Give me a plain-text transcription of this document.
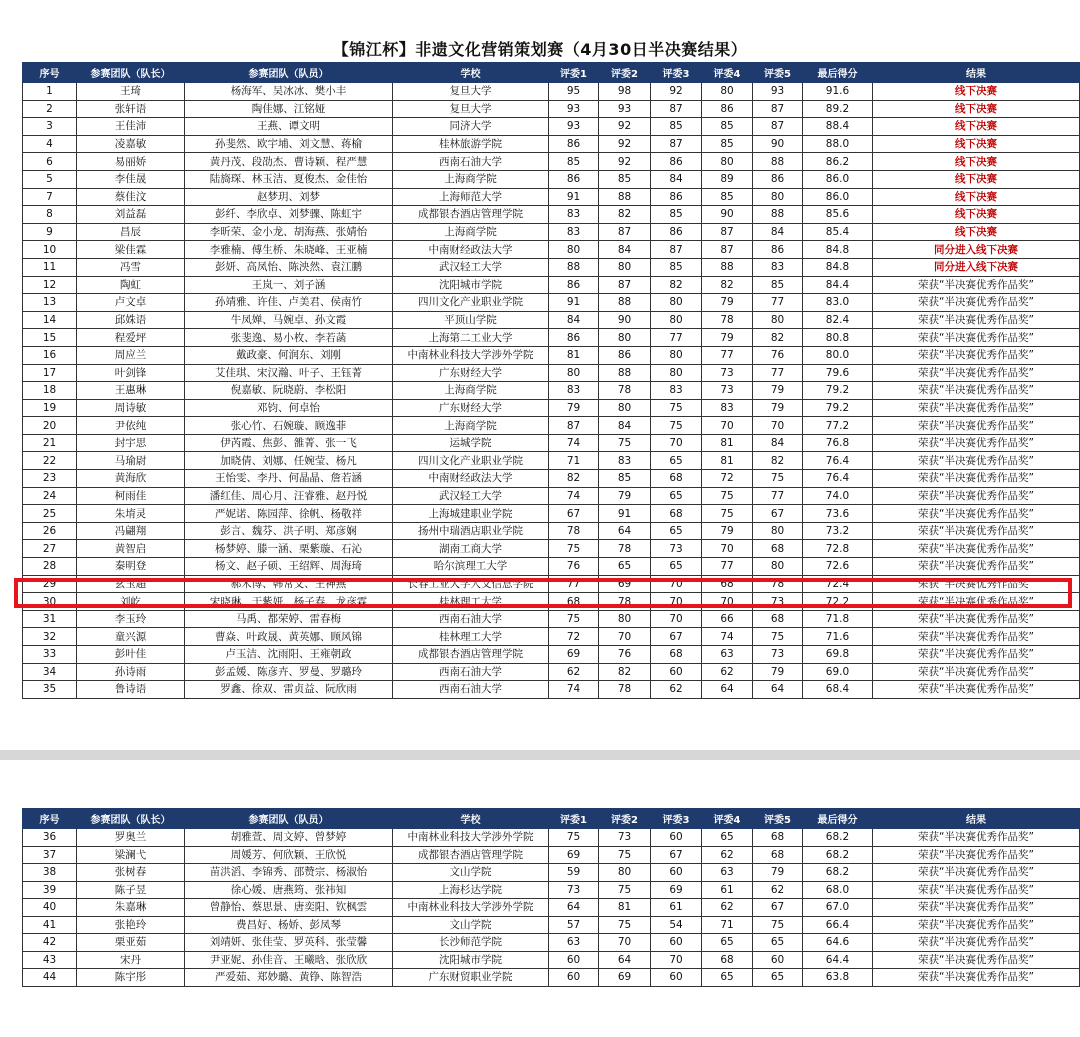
【锦江杯】非遗文化营销策划赛（4月30日半决赛结果）
序号	参赛团队（队长）	参赛团队（队员）	学校	评委1	评委2	评委3	评委4	评委5	最后得分	结果
1	王琦	杨海军、吴冰冰、樊小丰	复旦大学	95	98	92	80	93	91.6	线下决赛
2	张轩语	陶佳娜、江铭娅	复旦大学	93	93	87	86	87	89.2	线下决赛
3	王佳沛	王燕、谭文明	同济大学	93	92	85	85	87	88.4	线下决赛
4	凌嘉敏	孙斐然、欧宇埔、刘文慧、蒋榆	桂林旅游学院	86	92	87	85	90	88.0	线下决赛
6	易丽娇	黄丹茂、段劭杰、曹诗颖、程严慧	西南石油大学	85	92	86	80	88	86.2	线下决赛
5	李佳晟	陆旖琛、林玉洁、夏俊杰、金佳怡	上海商学院	86	85	84	89	86	86.0	线下决赛
7	蔡佳汶	赵梦玥、刘梦	上海师范大学	91	88	86	85	80	86.0	线下决赛
8	刘益磊	彭纤、李欣卓、刘梦骤、陈虹宇	成都银杏酒店管理学院	83	82	85	90	88	85.6	线下决赛
9	昌辰	李昕荣、金小龙、胡海燕、张婧怡	上海商学院	83	87	86	87	84	85.4	线下决赛
10	梁佳霖	李雅楠、傅生桥、朱晓峰、王亚楠	中南财经政法大学	80	84	87	87	86	84.8	同分进入线下决赛
11	冯雪	彭妍、高凤怡、陈泱然、袁江鹏	武汉轻工大学	88	80	85	88	83	84.8	同分进入线下决赛
12	陶虹	王岚一、刘子涵	沈阳城市学院	86	87	82	82	85	84.4	荣获“半决赛优秀作品奖”
13	卢文卓	孙靖雅、许佳、卢美君、侯南竹	四川文化产业职业学院	91	88	80	79	77	83.0	荣获“半决赛优秀作品奖”
14	邱姝语	牛凤婵、马婉卓、孙文霞	平顶山学院	84	90	80	78	80	82.4	荣获“半决赛优秀作品奖”
15	程爱坪	张斐逸、易小枚、李若菡	上海第二工业大学	86	80	77	79	82	80.8	荣获“半决赛优秀作品奖”
16	周应兰	戴政豪、何润东、刘刚	中南林业科技大学涉外学院	81	86	80	77	76	80.0	荣获“半决赛优秀作品奖”
17	叶剑锋	艾佳琪、宋汉瀚、叶子、王钰菁	广东财经大学	80	88	80	73	77	79.6	荣获“半决赛优秀作品奖”
18	王惠琳	倪嘉敏、阮晓蔚、李松阳	上海商学院	83	78	83	73	79	79.2	荣获“半决赛优秀作品奖”
19	周诗敏	邓钧、何卓怡	广东财经大学	79	80	75	83	79	79.2	荣获“半决赛优秀作品奖”
20	尹依纯	张心竹、石婉璇、顾逸菲	上海商学院	87	84	75	70	70	77.2	荣获“半决赛优秀作品奖”
21	封宇思	伊芮霞、焦彭、雒菁、张一飞	运城学院	74	75	70	81	84	76.8	荣获“半决赛优秀作品奖”
22	马瑜尉	加晓倩、刘娜、任婉莹、杨凡	四川文化产业职业学院	71	83	65	81	82	76.4	荣获“半决赛优秀作品奖”
23	黄海欣	王怡雯、李丹、何晶晶、詹若涵	中南财经政法大学	82	85	68	72	75	76.4	荣获“半决赛优秀作品奖”
24	柯雨佳	潘红佳、周心月、汪睿雅、赵丹悦	武汉轻工大学	74	79	65	75	77	74.0	荣获“半决赛优秀作品奖”
25	朱堉灵	严妮诺、陈园萍、徐帆、杨敬祥	上海城建职业学院	67	91	68	75	67	73.6	荣获“半决赛优秀作品奖”
26	冯翩翔	彭言、魏芬、洪子明、郑彦娴	扬州中瑞酒店职业学院	78	64	65	79	80	73.2	荣获“半决赛优秀作品奖”
27	黄智启	杨梦婷、滕一涵、栗紫璇、石沁	湖南工商大学	75	78	73	70	68	72.8	荣获“半决赛优秀作品奖”
28	秦明登	杨文、赵子硕、王绍辉、周海琦	哈尔滨理工大学	76	65	65	77	80	72.6	荣获“半决赛优秀作品奖”
29	玄玉超	郝术博、韩常文、王神燕	长春工业大学人文信息学院	77	69	70	68	78	72.4	荣获“半决赛优秀作品奖”
30	刘屹	宋晓琳、于紫妍、杨子春、龙彦霖	桂林理工大学	68	78	70	70	73	72.2	荣获“半决赛优秀作品奖”
31	李玉玲	马禹、都荣婷、雷春梅	西南石油大学	75	80	70	66	68	71.8	荣获“半决赛优秀作品奖”
32	童兴源	曹焱、叶政晟、黄英娜、顾风锦	桂林理工大学	72	70	67	74	75	71.6	荣获“半决赛优秀作品奖”
33	彭叶佳	卢玉洁、沈雨阳、王雍朝政	成都银杏酒店管理学院	69	76	68	63	73	69.8	荣获“半决赛优秀作品奖”
34	孙诗雨	彭孟媛、陈彦卉、罗曼、罗璐玲	西南石油大学	62	82	60	62	79	69.0	荣获“半决赛优秀作品奖”
35	鲁诗语	罗鑫、徐双、雷贞益、阮欣雨	西南石油大学	74	78	62	64	64	68.4	荣获“半决赛优秀作品奖”
序号	参赛团队（队长）	参赛团队（队员）	学校	评委1	评委2	评委3	评委4	评委5	最后得分	结果
36	罗奥兰	胡雅萱、周文婷、曾梦婷	中南林业科技大学涉外学院	75	73	60	65	68	68.2	荣获“半决赛优秀作品奖”
37	梁澜弋	周媛芳、何欣颖、王欣悦	成都银杏酒店管理学院	69	75	67	62	68	68.2	荣获“半决赛优秀作品奖”
38	张树春	苗洪滔、李锦秀、邵赞宗、杨淑怡	文山学院	59	80	60	63	79	68.2	荣获“半决赛优秀作品奖”
39	陈子昱	徐心媛、唐燕筠、张祎知	上海杉达学院	73	75	69	61	62	68.0	荣获“半决赛优秀作品奖”
40	朱嘉琳	曾静怡、蔡思景、唐奕阳、钦枫雲	中南林业科技大学涉外学院	64	81	61	62	67	67.0	荣获“半决赛优秀作品奖”
41	张艳玲	费昌好、杨娇、彭凤琴	文山学院	57	75	54	71	75	66.4	荣获“半决赛优秀作品奖”
42	栗亚茹	刘靖妍、张佳莹、罗英科、张莹馨	长沙师范学院	63	70	60	65	65	64.6	荣获“半决赛优秀作品奖”
43	宋丹	尹亚妮、孙佳音、王曦晗、张欣欣	沈阳城市学院	60	64	70	68	60	64.4	荣获“半决赛优秀作品奖”
44	陈宇彤	严爱茹、郑妙璐、黄铮、陈智浩	广东财贸职业学院	60	69	60	65	65	63.8	荣获“半决赛优秀作品奖”
